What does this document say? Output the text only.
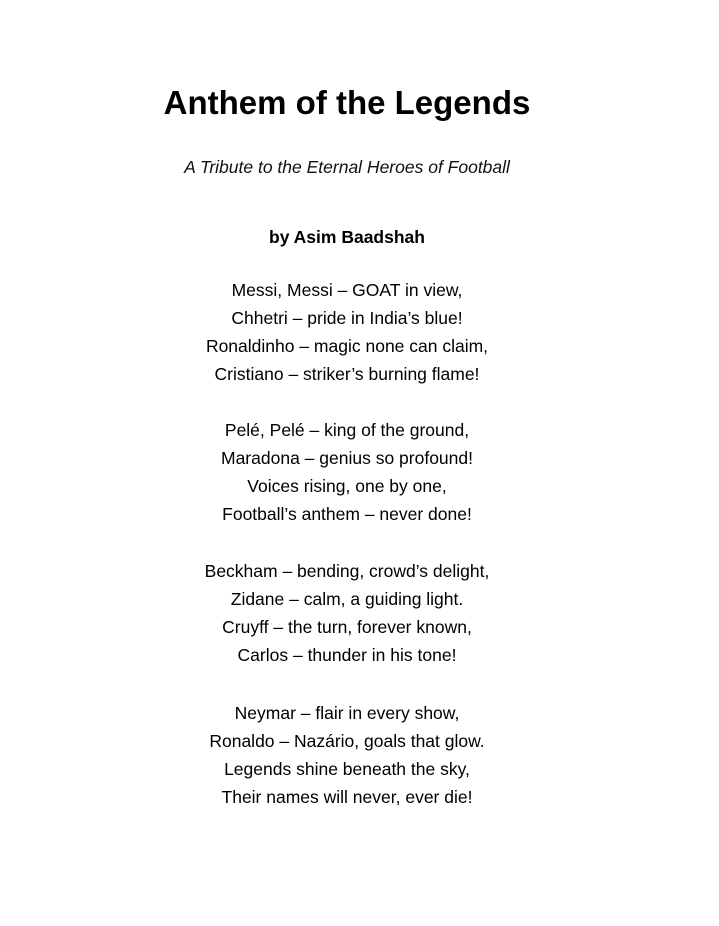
Anthem of the Legends
A Tribute to the Eternal Heroes of Football
by Asim Baadshah
Messi, Messi – GOAT in view,
Chhetri – pride in India’s blue!
Ronaldinho – magic none can claim,
Cristiano – striker’s burning flame!
Pelé, Pelé – king of the ground,
Maradona – genius so profound!
Voices rising, one by one,
Football’s anthem – never done!
Beckham – bending, crowd’s delight,
Zidane – calm, a guiding light.
Cruyff – the turn, forever known,
Carlos – thunder in his tone!
Neymar – flair in every show,
Ronaldo – Nazário, goals that glow.
Legends shine beneath the sky,
Their names will never, ever die!
